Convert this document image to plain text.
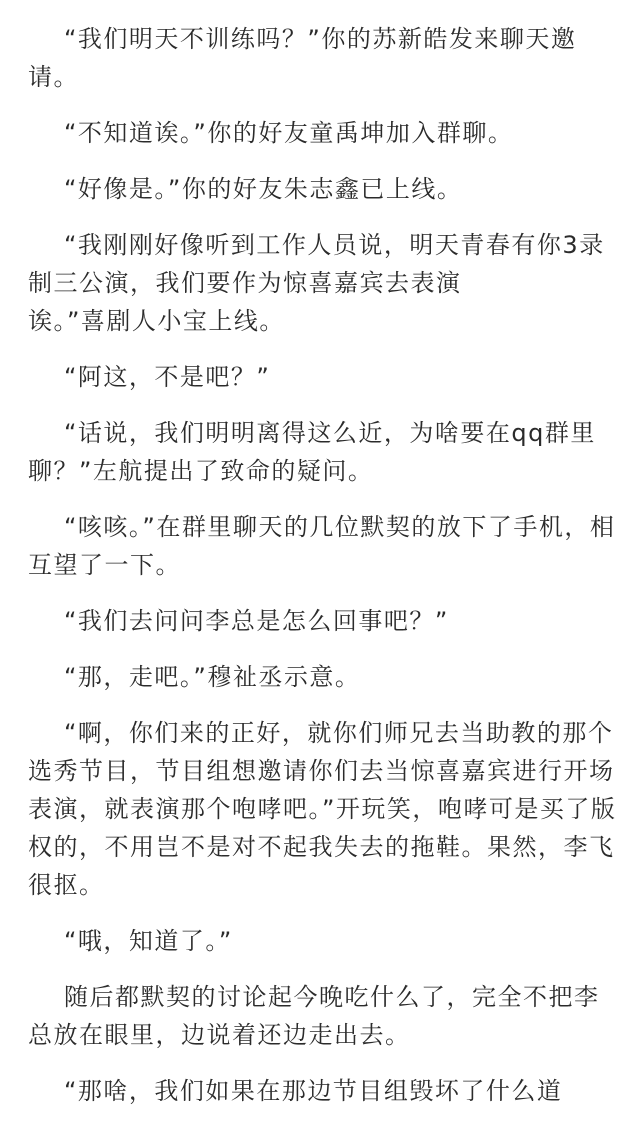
“我们明天不训练吗？”你的苏新皓发来聊天邀请。

“不知道诶。”你的好友童禹坤加入群聊。

“好像是。”你的好友朱志鑫已上线。

“我刚刚好像听到工作人员说，明天青春有你3录制三公演，我们要作为惊喜嘉宾去表演
诶。”喜剧人小宝上线。

“阿这，不是吧？”

“话说，我们明明离得这么近，为啥要在qq群里聊？”左航提出了致命的疑问。

“咳咳。”在群里聊天的几位默契的放下了手机，相互望了一下。

“我们去问问李总是怎么回事吧？”

“那，走吧。”穆祉丞示意。

“啊，你们来的正好，就你们师兄去当助教的那个选秀节目，节目组想邀请你们去当惊喜嘉宾进行开场表演，就表演那个咆哮吧。”开玩笑，咆哮可是买了版权的，不用岂不是对不起我失去的拖鞋。果然，李飞很抠。

“哦，知道了。”

随后都默契的讨论起今晚吃什么了，完全不把李总放在眼里，边说着还边走出去。

“那啥，我们如果在那边节目组毁坏了什么道
